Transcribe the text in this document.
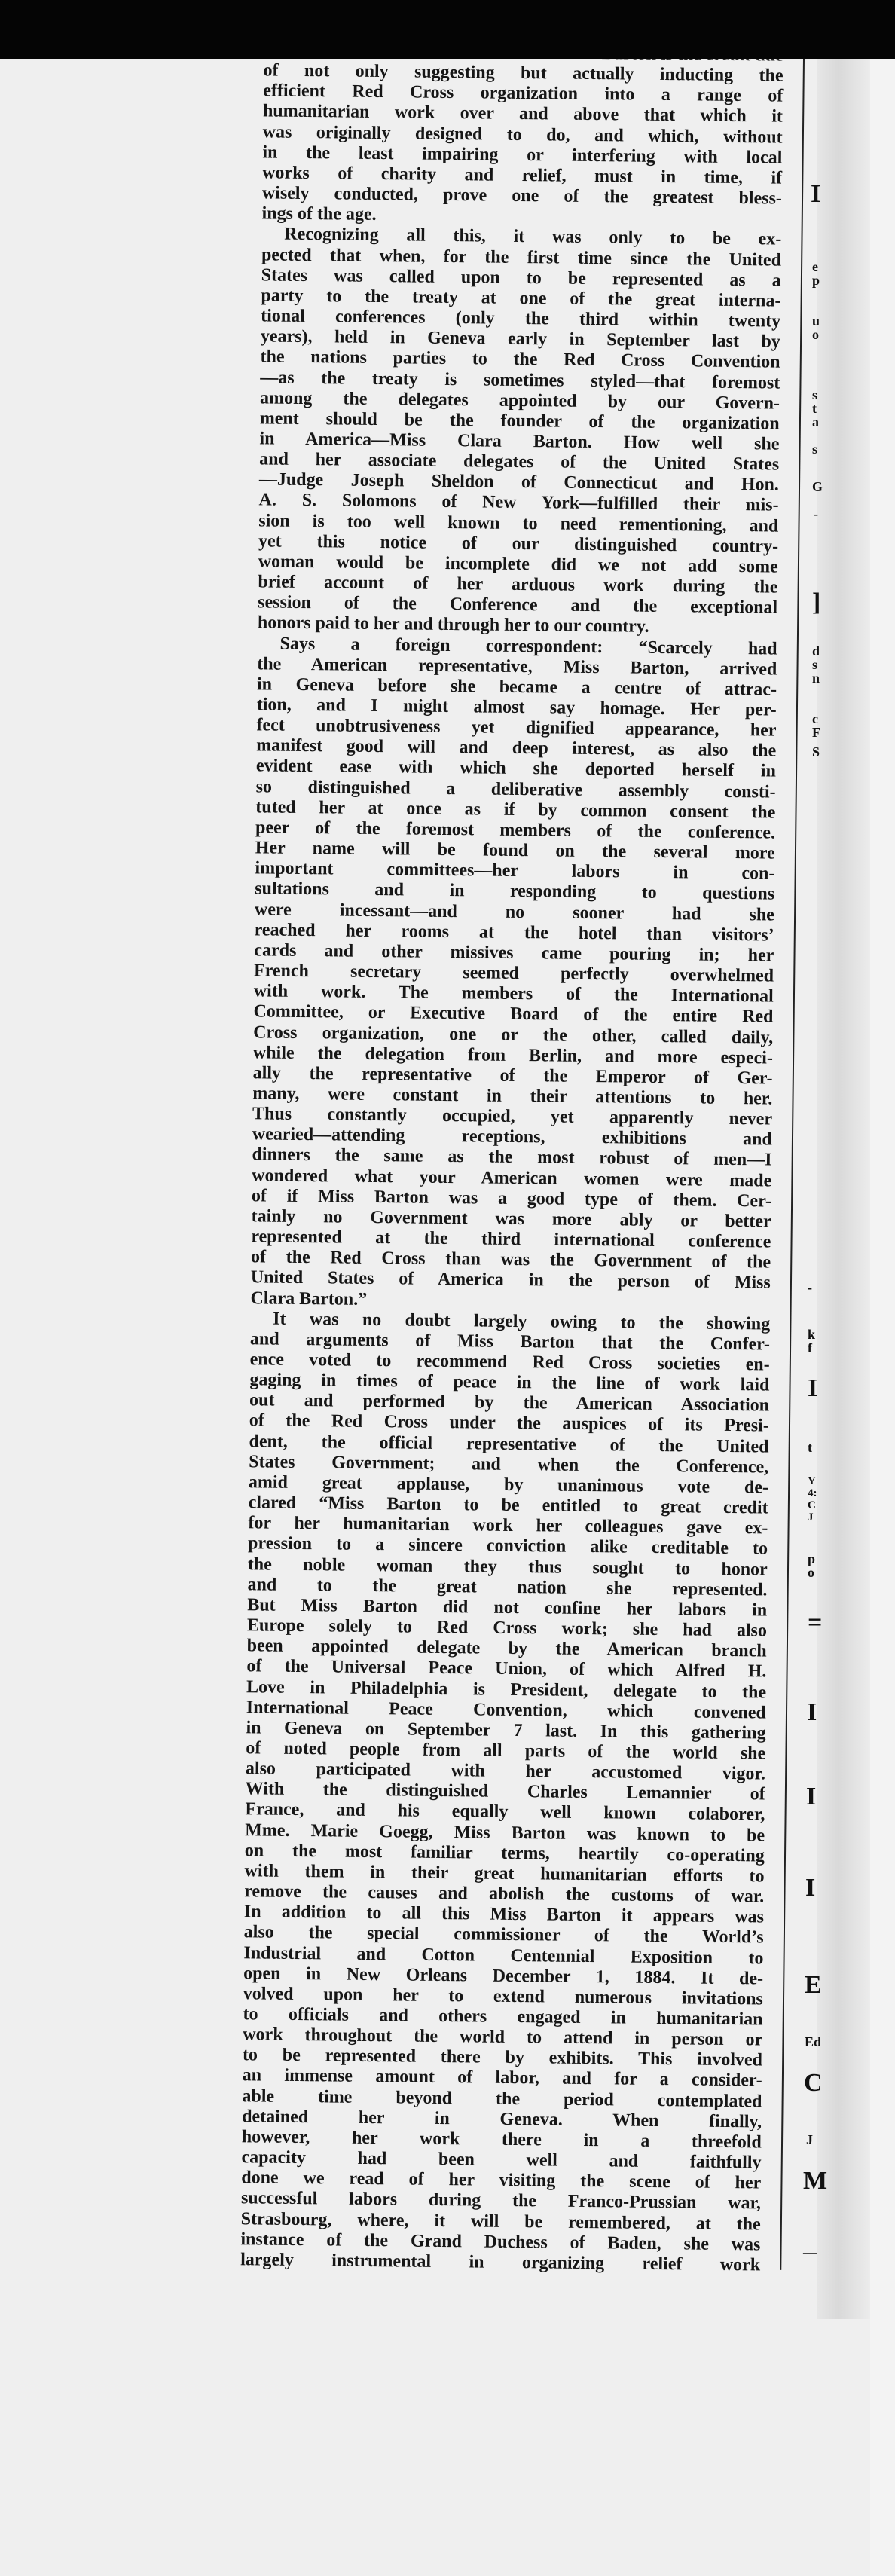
of not only suggesting but actually inducting the
efficient Red Cross organization into a range of
humanitarian work over and above that which it
was originally designed to do, and which, without
in the least impairing or interfering with local
works of charity and relief, must in time, if
wisely conducted, prove one of the greatest bless-
ings of the age.
Recognizing all this, it was only to be ex-
pected that when, for the first time since the United
States was called upon to be represented as a
party to the treaty at one of the great interna-
tional conferences (only the third within twenty
years), held in Geneva early in September last by
the nations parties to the Red Cross Convention
—as the treaty is sometimes styled—that foremost
among the delegates appointed by our Govern-
ment should be the founder of the organization
in America—Miss Clara Barton. How well she
and her associate delegates of the United States
—Judge Joseph Sheldon of Connecticut and Hon.
A. S. Solomons of New York—fulfilled their mis-
sion is too well known to need rementioning, and
yet this notice of our distinguished country-
woman would be incomplete did we not add some
brief account of her arduous work during the
session of the Conference and the exceptional
honors paid to her and through her to our country.
Says a foreign correspondent: “Scarcely had
the American representative, Miss Barton, arrived
in Geneva before she became a centre of attrac-
tion, and I might almost say homage. Her per-
fect unobtrusiveness yet dignified appearance, her
manifest good will and deep interest, as also the
evident ease with which she deported herself in
so distinguished a deliberative assembly consti-
tuted her at once as if by common consent the
peer of the foremost members of the conference.
Her name will be found on the several more
important committees—her labors in con-
sultations and in responding to questions
were incessant—and no sooner had she
reached her rooms at the hotel than visitors’
cards and other missives came pouring in; her
French secretary seemed perfectly overwhelmed
with work. The members of the International
Committee, or Executive Board of the entire Red
Cross organization, one or the other, called daily,
while the delegation from Berlin, and more especi-
ally the representative of the Emperor of Ger-
many, were constant in their attentions to her.
Thus constantly occupied, yet apparently never
wearied—attending receptions, exhibitions and
dinners the same as the most robust of men—I
wondered what your American women were made
of if Miss Barton was a good type of them. Cer-
tainly no Government was more ably or better
represented at the third international conference
of the Red Cross than was the Government of the
United States of America in the person of Miss
Clara Barton.”
It was no doubt largely owing to the showing
and arguments of Miss Barton that the Confer-
ence voted to recommend Red Cross societies en-
gaging in times of peace in the line of work laid
out and performed by the American Association
of the Red Cross under the auspices of its Presi-
dent, the official representative of the United
States Government; and when the Conference,
amid great applause, by unanimous vote de-
clared “Miss Barton to be entitled to great credit
for her humanitarian work her colleagues gave ex-
pression to a sincere conviction alike creditable to
the noble woman they thus sought to honor
and to the great nation she represented.
But Miss Barton did not confine her labors in
Europe solely to Red Cross work; she had also
been appointed delegate by the American branch
of the Universal Peace Union, of which Alfred H.
Love in Philadelphia is President, delegate to the
International Peace Convention, which convened
in Geneva on September 7 last. In this gathering
of noted people from all parts of the world she
also participated with her accustomed vigor.
With the distinguished Charles Lemannier of
France, and his equally well known colaborer,
Mme. Marie Goegg, Miss Barton was known to be
on the most familiar terms, heartily co-operating
with them in their great humanitarian efforts to
remove the causes and abolish the customs of war.
In addition to all this Miss Barton it appears was
also the special commissioner of the World’s
Industrial and Cotton Centennial Exposition to
open in New Orleans December 1, 1884. It de-
volved upon her to extend numerous invitations
to officials and others engaged in humanitarian
work throughout the world to attend in person or
to be represented there by exhibits. This involved
an immense amount of labor, and for a consider-
able time beyond the period contemplated
detained her in Geneva. When finally,
however, her work there in a threefold
capacity had been well and faithfully
done we read of her visiting the scene of her
successful labors during the Franco-Prussian war,
Strasbourg, where, it will be remembered, at the
instance of the Grand Duchess of Baden, she was
largely instrumental in organizing relief work
I
e p
u o
s t a
s
G
-
]
d s n
c F
S
-
k f
I
t
Y 4: C J
p o
=
I
I
I
E
Ed
C
J
M
—
